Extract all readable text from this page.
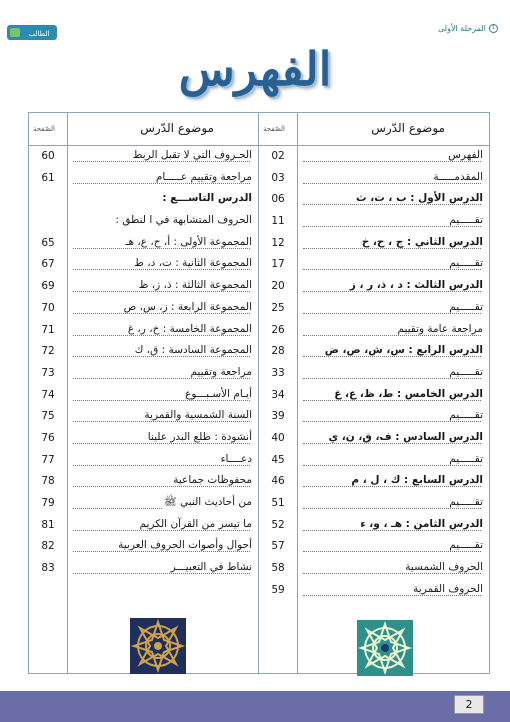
الطالب
1
المرحلة الأولى
الفهرس
موضوع الدّرس
الصّفحة
02	الفهرس
03	المقدمـــــة
06	الدرس الأول : ب ، ت، ث
11	تقـــــيم
12	الدرس الثاني : ج ، ح، خ
17	تقـــــيم
20	الدرس الثالث : د ، ذ، ر ، ز
25	تقـــــيم
26	مراجعة عامة وتقييم
28	الدرس الرابع : س، ش، ص، ض
33	تقـــــيم
34	الدرس الخامس : ط، ظ، ع، غ
39	تقـــــيم
40	الدرس السادس : ف، ق، ن، ي
45	تقـــــيم
46	الدرس السابع : ك ، ل ، م
51	تقـــــيم
52	الدرس الثامن : هـ ، و، ء
57	تقـــــيم
58	الحروف الشمسية
59	الحروف القمرية
موضوع الدّرس
الصّفحة
60	الحـروف التي لا تقبل الربط
61	مراجعة وتقييم عـــــام
الدرس التاســـع :
الحروف المتشابهة في ا لنطق :
65	المجموعة الأولى : أ، ح، ع، هـ
67	المجموعة الثانية : ت، د، ط
69	المجموعة الثالثة : ذ، ز، ظ
70	المجموعة الرابعة : ز، س، ص
71	المجموعة الخامسة : خ، ر، غ
72	المجموعة السادسة : ق، ك
73	مراجعة وتقييم
74	أيـام الأسـبـــوع
75	السنة الشمسية والقمرية
76	أنشودة : طلع البدر علينا
77	دعــــاء
78	محفوظات جماعية
79	من أحاديث النبي ﷺ
81	ما تيسر من القرآن الكريم
82	أحوال وأصوات الحروف العربية
83	نشاط في التعبيـــر
2
